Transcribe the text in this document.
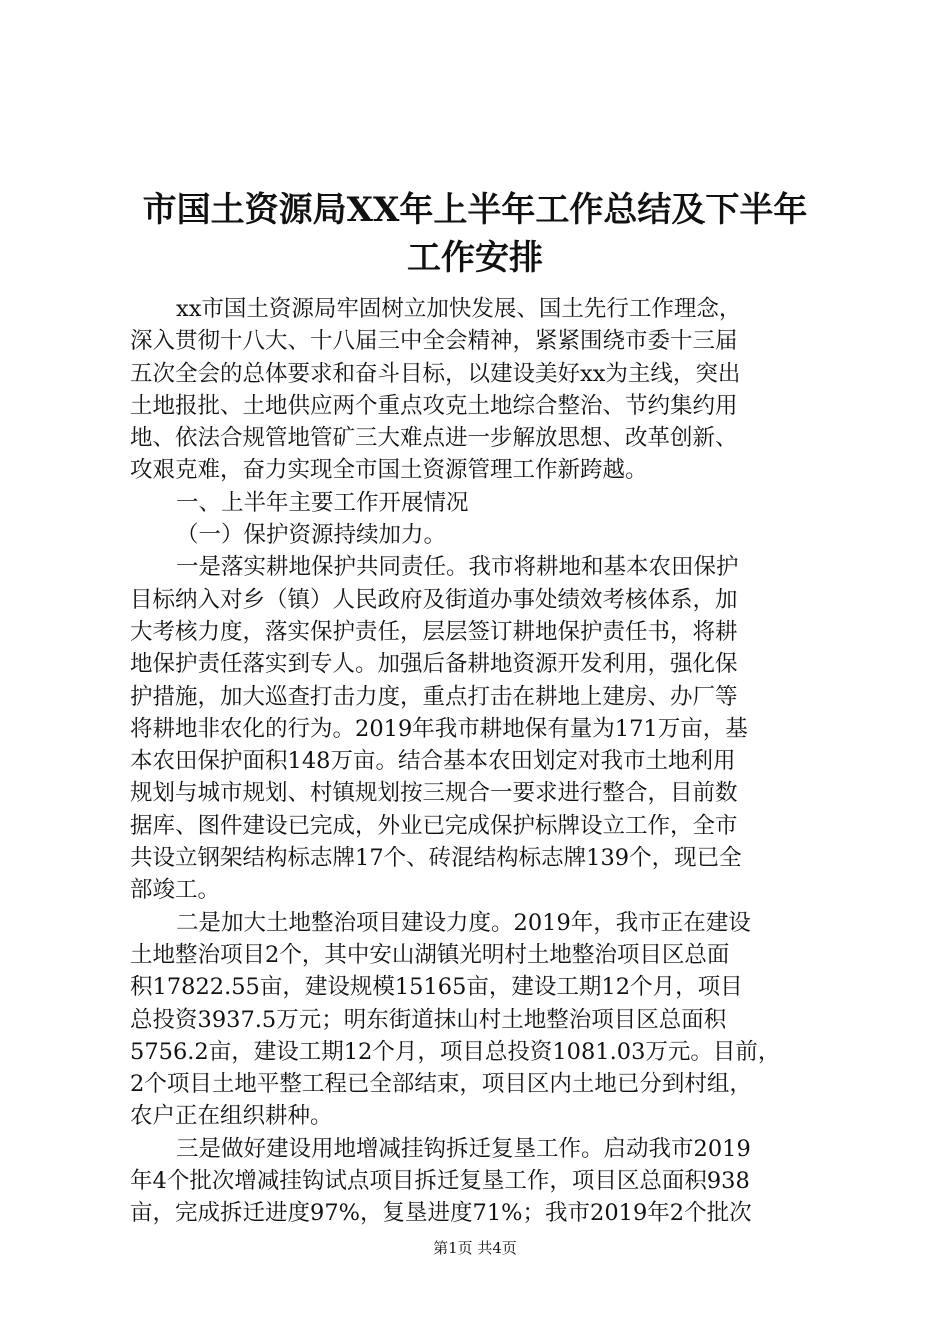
市国土资源局XX年上半年工作总结及下半年
工作安排
xx市国土资源局牢固树立加快发展、国土先行工作理念，
深入贯彻十八大、十八届三中全会精神，紧紧围绕市委十三届
五次全会的总体要求和奋斗目标，以建设美好xx为主线，突出
土地报批、土地供应两个重点攻克土地综合整治、节约集约用
地、依法合规管地管矿三大难点进一步解放思想、改革创新、
攻艰克难，奋力实现全市国土资源管理工作新跨越。
一、上半年主要工作开展情况
（一）保护资源持续加力。
一是落实耕地保护共同责任。我市将耕地和基本农田保护
目标纳入对乡（镇）人民政府及街道办事处绩效考核体系，加
大考核力度，落实保护责任，层层签订耕地保护责任书，将耕
地保护责任落实到专人。加强后备耕地资源开发利用，强化保
护措施，加大巡查打击力度，重点打击在耕地上建房、办厂等
将耕地非农化的行为。2019年我市耕地保有量为171万亩，基
本农田保护面积148万亩。结合基本农田划定对我市土地利用
规划与城市规划、村镇规划按三规合一要求进行整合，目前数
据库、图件建设已完成，外业已完成保护标牌设立工作，全市
共设立钢架结构标志牌17个、砖混结构标志牌139个，现已全
部竣工。
二是加大土地整治项目建设力度。2019年，我市正在建设
土地整治项目2个，其中安山湖镇光明村土地整治项目区总面
积17822.55亩，建设规模15165亩，建设工期12个月，项目
总投资3937.5万元；明东街道抹山村土地整治项目区总面积
5756.2亩，建设工期12个月，项目总投资1081.03万元。目前，
2个项目土地平整工程已全部结束，项目区内土地已分到村组，
农户正在组织耕种。
三是做好建设用地增减挂钩拆迁复垦工作。启动我市2019
年4个批次增减挂钩试点项目拆迁复垦工作，项目区总面积938
亩，完成拆迁进度97%，复垦进度71%；我市2019年2个批次
第1页 共4页
